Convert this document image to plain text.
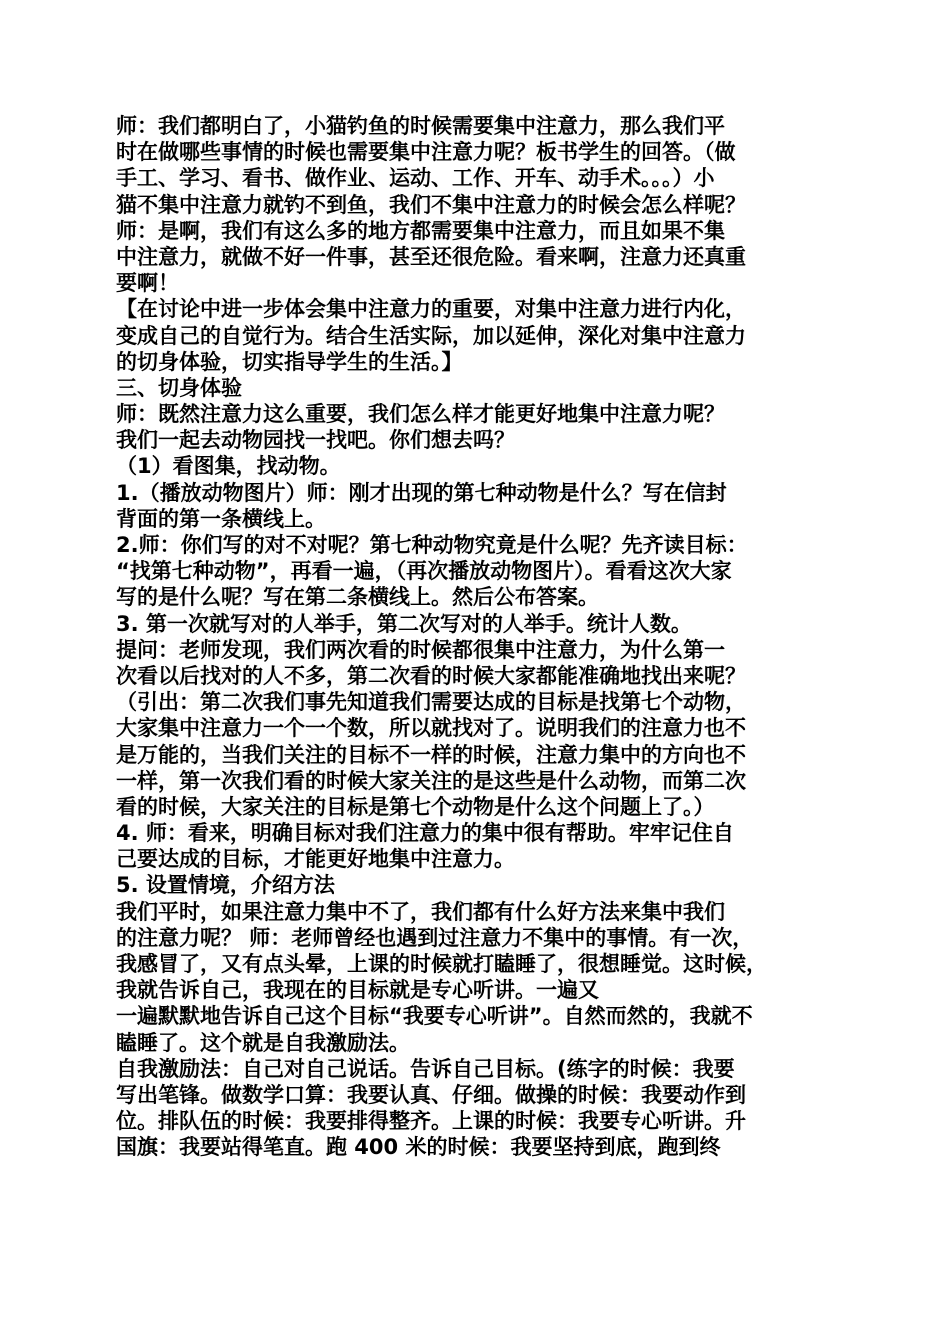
师：我们都明白了，小猫钓鱼的时候需要集中注意力，那么我们平
时在做哪些事情的时候也需要集中注意力呢？板书学生的回答。（做
手工、学习、看书、做作业、运动、工作、开车、动手术。。。）小
猫不集中注意力就钓不到鱼，我们不集中注意力的时候会怎么样呢？
师：是啊，我们有这么多的地方都需要集中注意力，而且如果不集
中注意力，就做不好一件事，甚至还很危险。看来啊，注意力还真重
要啊！
【在讨论中进一步体会集中注意力的重要，对集中注意力进行内化，
变成自己的自觉行为。结合生活实际，加以延伸，深化对集中注意力
的切身体验，切实指导学生的生活。】
三、切身体验
师：既然注意力这么重要，我们怎么样才能更好地集中注意力呢？
我们一起去动物园找一找吧。你们想去吗？
（1）看图集，找动物。
1.（播放动物图片）师：刚才出现的第七种动物是什么？写在信封
背面的第一条横线上。
2.师：你们写的对不对呢？第七种动物究竟是什么呢？先齐读目标：
“找第七种动物”，再看一遍，（再次播放动物图片）。看看这次大家
写的是什么呢？写在第二条横线上。然后公布答案。
3. 第一次就写对的人举手，第二次写对的人举手。统计人数。
提问：老师发现，我们两次看的时候都很集中注意力，为什么第一
次看以后找对的人不多，第二次看的时候大家都能准确地找出来呢？
（引出：第二次我们事先知道我们需要达成的目标是找第七个动物，
大家集中注意力一个一个数，所以就找对了。说明我们的注意力也不
是万能的，当我们关注的目标不一样的时候，注意力集中的方向也不
一样，第一次我们看的时候大家关注的是这些是什么动物，而第二次
看的时候，大家关注的目标是第七个动物是什么这个问题上了。）
4. 师：看来，明确目标对我们注意力的集中很有帮助。牢牢记住自
己要达成的目标，才能更好地集中注意力。
5. 设置情境，介绍方法
我们平时，如果注意力集中不了，我们都有什么好方法来集中我们
的注意力呢？ 师：老师曾经也遇到过注意力不集中的事情。有一次，
我感冒了，又有点头晕，上课的时候就打瞌睡了，很想睡觉。这时候，
我就告诉自己，我现在的目标就是专心听讲。一遍又
一遍默默地告诉自己这个目标“我要专心听讲”。自然而然的，我就不
瞌睡了。这个就是自我激励法。
自我激励法：自己对自己说话。告诉自己目标。(练字的时候：我要
写出笔锋。做数学口算：我要认真、仔细。做操的时候：我要动作到
位。排队伍的时候：我要排得整齐。上课的时候：我要专心听讲。升
国旗：我要站得笔直。跑 400 米的时候：我要坚持到底，跑到终
